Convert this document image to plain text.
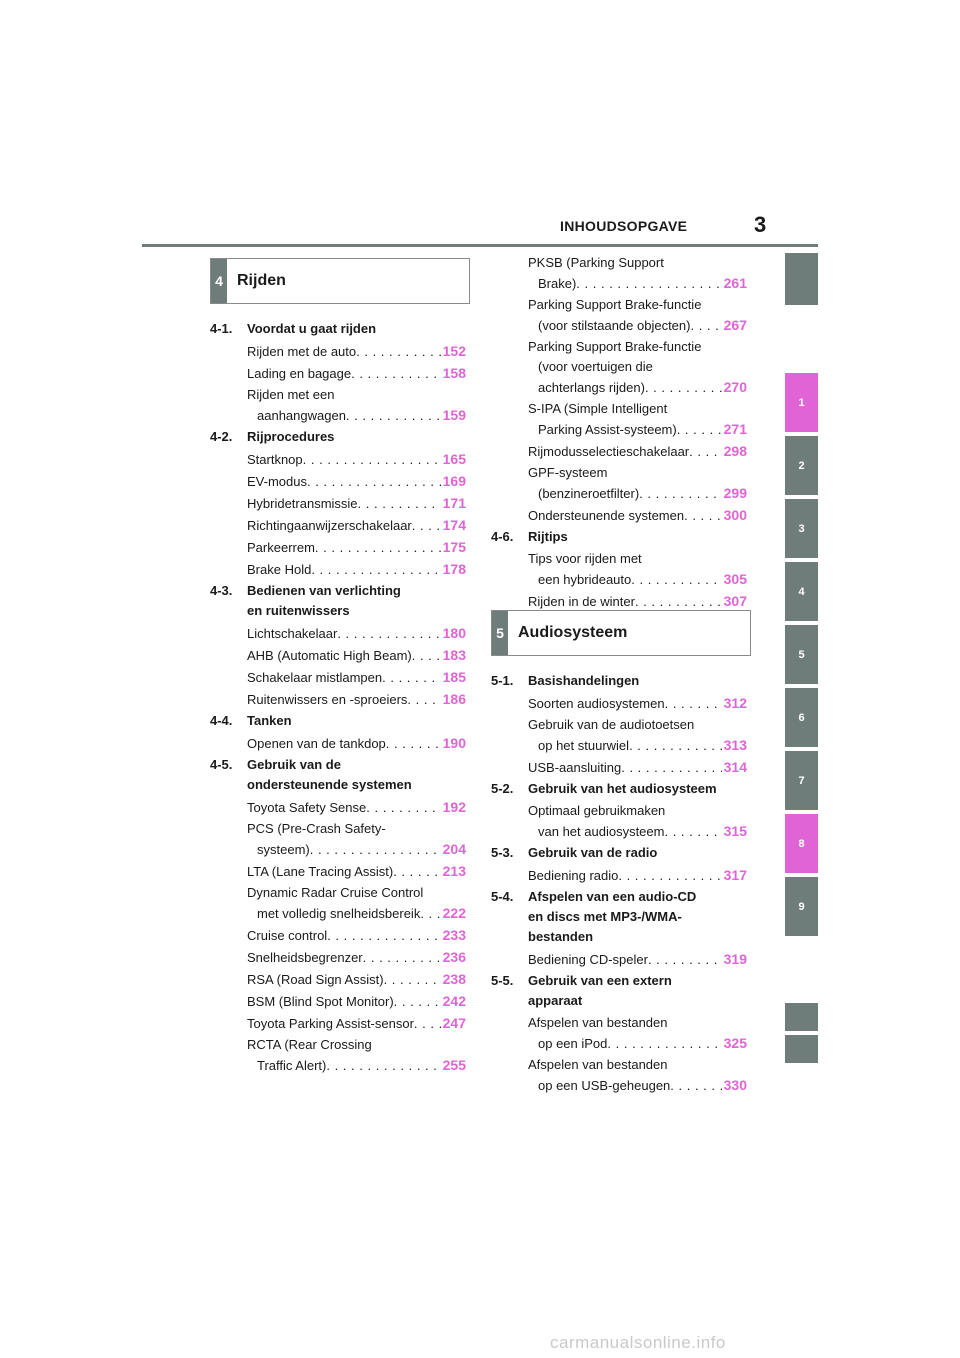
INHOUDSOPGAVE	3
1
2
3
4
5
6
7
8
9
4 Rijden
5 Audiosysteem
4-1. Voordat u gaat rijden
Rijden met de auto . . .	152
Lading en bagage . . .	158
Rijden met een
aanhangwagen . . .	159
4-2. Rijprocedures
Startknop . . .	165
EV-modus . . .	169
Hybridetransmissie . . .	171
Richtingaanwijzerschakelaar . . . 174
Parkeerrem . . .	175
Brake Hold . . .	178
4-3. Bedienen van verlichting
en ruitenwissers
Lichtschakelaar . . .	180
AHB (Automatic High Beam) . . . 183
Schakelaar mistlampen . . .	185
Ruitenwissers en -sproeiers . . .	186
4-4. Tanken
Openen van de tankdop . . .	190
4-5. Gebruik van de
ondersteunende systemen
Toyota Safety Sense . . .	192
PCS (Pre-Crash Safety-
systeem) . . .	204
LTA (Lane Tracing Assist) . . .	213
Dynamic Radar Cruise Control
met volledig snelheidsbereik . . . 222
Cruise control . . .	233
Snelheidsbegrenzer . . .	236
RSA (Road Sign Assist) . . .	238
BSM (Blind Spot Monitor) . . .	242
Toyota Parking Assist-sensor . . . 247
RCTA (Rear Crossing
Traffic Alert) . . .	255
PKSB (Parking Support
Brake) . . .	261
Parking Support Brake-functie
(voor stilstaande objecten) . . . 267
Parking Support Brake-functie
(voor voertuigen die
achterlangs rijden) . . .	270
S-IPA (Simple Intelligent
Parking Assist-systeem) . . .	271
Rijmodusselectieschakelaar . . . 298
GPF-systeem
(benzineroetfilter) . . .	299
Ondersteunende systemen . . .	300
4-6. Rijtips
Tips voor rijden met
een hybrideauto . . .	305
Rijden in de winter . . .	307
5-1. Basishandelingen
Soorten audiosystemen . . .	312
Gebruik van de audiotoetsen
op het stuurwiel . . .	313
USB-aansluiting . . .	314
5-2. Gebruik van het audiosysteem
Optimaal gebruikmaken
van het audiosysteem . . .	315
5-3. Gebruik van de radio
Bediening radio . . .	317
5-4. Afspelen van een audio-CD
en discs met MP3-/WMA-
bestanden
Bediening CD-speler . . .	319
5-5. Gebruik van een extern
apparaat
Afspelen van bestanden
op een iPod . . .	325
Afspelen van bestanden
op een USB-geheugen . . .	330
carmanualsonline.info
